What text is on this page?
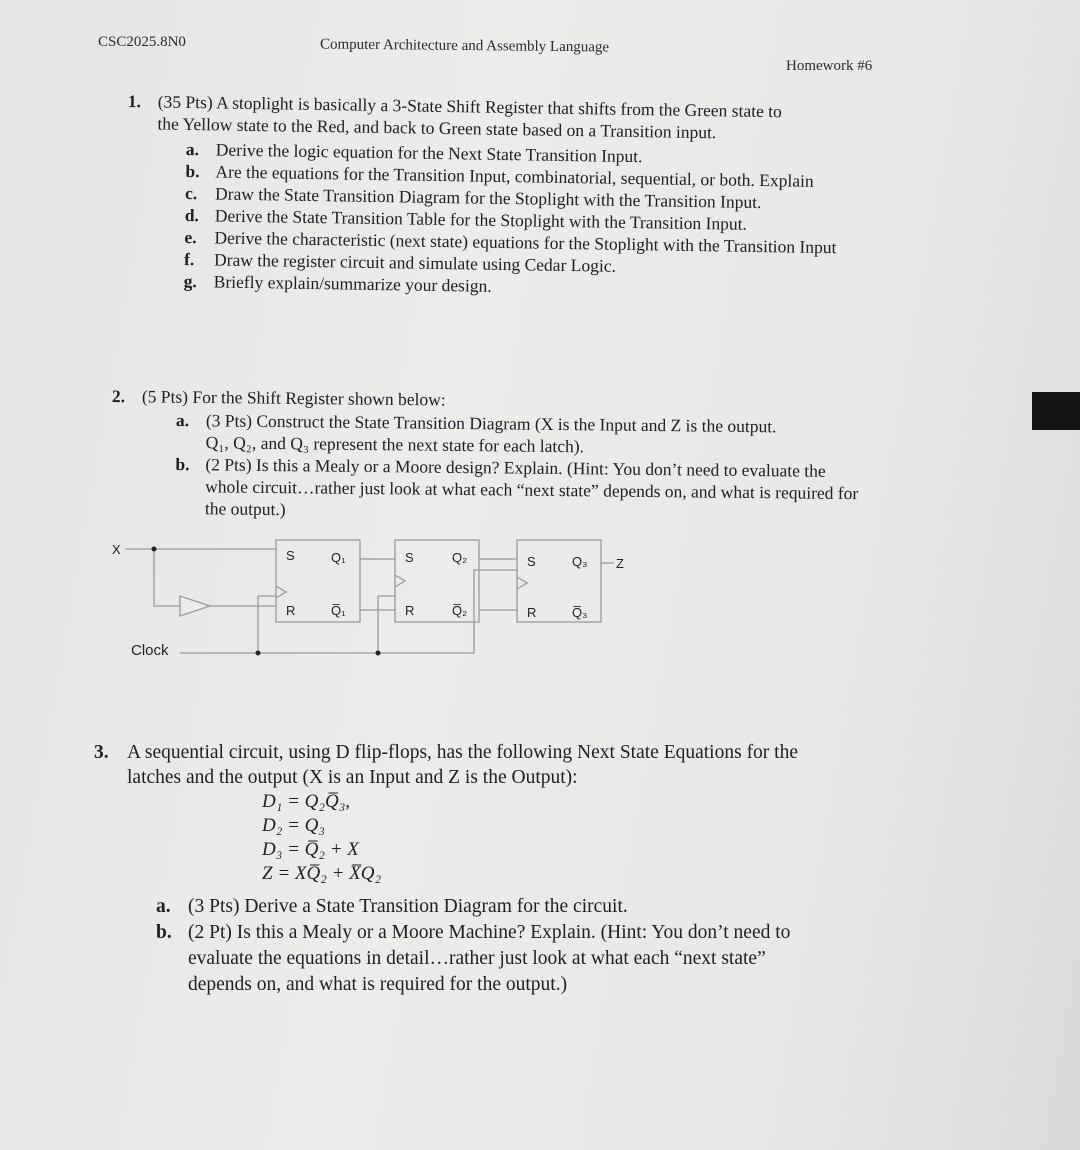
CSC2025.8N0	Computer Architecture and Assembly Language
Homework #6
1. (35 Pts) A stoplight is basically a 3-State Shift Register that shifts from the Green state to
the Yellow state to the Red, and back to Green state based on a Transition input.
a. Derive the logic equation for the Next State Transition Input.
b. Are the equations for the Transition Input, combinatorial, sequential, or both. Explain
c. Draw the State Transition Diagram for the Stoplight with the Transition Input.
d. Derive the State Transition Table for the Stoplight with the Transition Input.
e. Derive the characteristic (next state) equations for the Stoplight with the Transition Input
f. Draw the register circuit and simulate using Cedar Logic.
g. Briefly explain/summarize your design.
2. (5 Pts) For the Shift Register shown below:
a. (3 Pts) Construct the State Transition Diagram (X is the Input and Z is the output.
Q₁, Q₂, and Q₃ represent the next state for each latch).
b. (2 Pts) Is this a Mealy or a Moore design? Explain. (Hint: You don’t need to evaluate the
whole circuit…rather just look at what each “next state” depends on, and what is required for
the output.)
X
Z
Clock
S
R
Q₁
Q̅₁
S
R
Q₂
Q̅₂
S
R
Q₃
Q̅₃
3. A sequential circuit, using D flip-flops, has the following Next State Equations for the
latches and the output (X is an Input and Z is the Output):
D₁ = Q₂Q̅₃,
D₂ = Q₃
D₃ = Q̅₂ + X
Z = XQ̅₂ + X̅Q₂
a. (3 Pts) Derive a State Transition Diagram for the circuit.
b. (2 Pt) Is this a Mealy or a Moore Machine? Explain. (Hint: You don’t need to
evaluate the equations in detail…rather just look at what each “next state”
depends on, and what is required for the output.)
